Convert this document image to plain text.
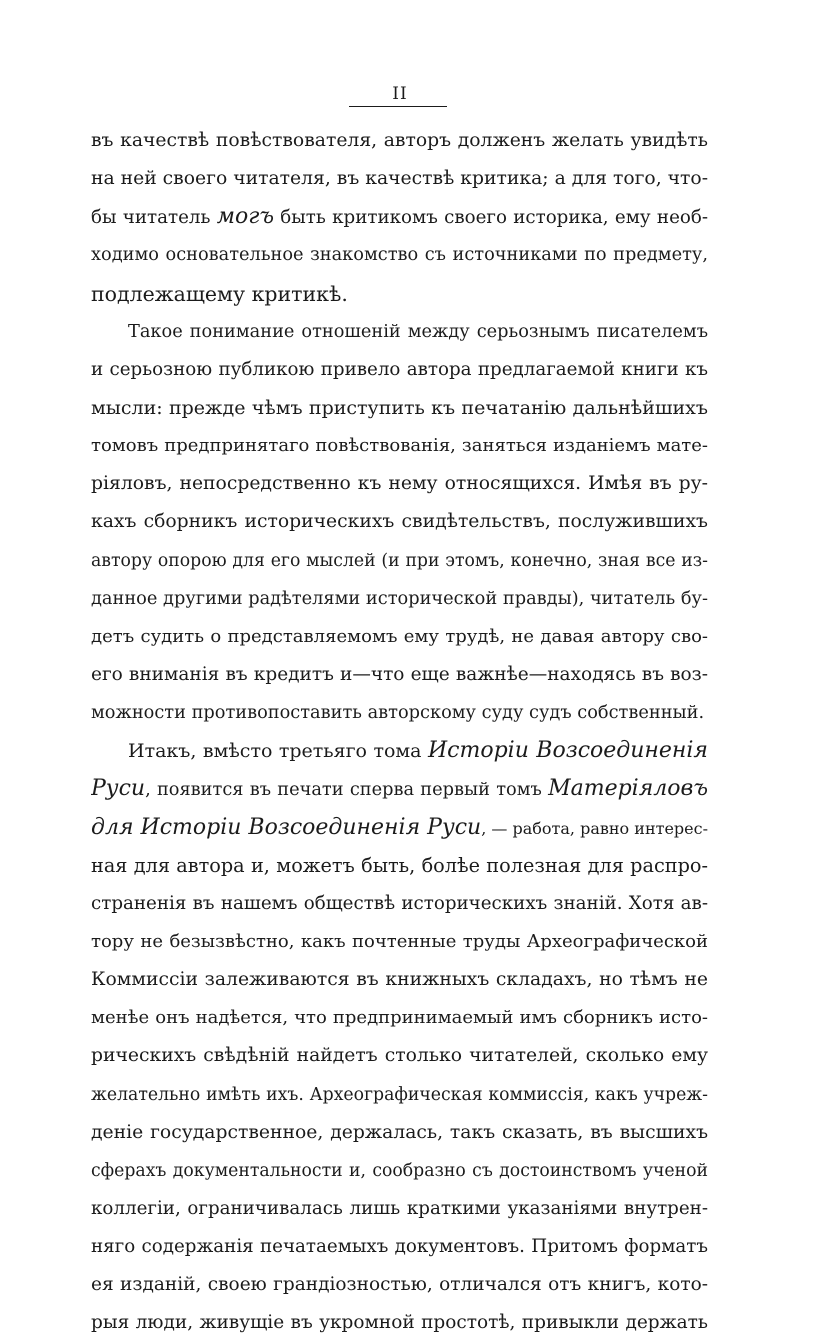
II
въ качествѣ повѣствователя, авторъ долженъ желать увидѣть
на ней своего читателя, въ качествѣ критика; а для того, что-
бы читатель могъ быть критикомъ своего историка, ему необ-
ходимо основательное знакомство съ источниками по предмету,
подлежащему критикѣ.
Такое понимание отношеній между серьознымъ писателемъ
и серьозною публикою привело автора предлагаемой книги къ
мысли: прежде чѣмъ приступить къ печатанію дальнѣйшихъ
томовъ предпринятаго повѣствованія, заняться изданіемъ мате-
ріяловъ, непосредственно къ нему относящихся. Имѣя въ ру-
кахъ сборникъ историческихъ свидѣтельствъ, послужившихъ
автору опорою для его мыслей (и при этомъ, конечно, зная все из-
данное другими радѣтелями исторической правды), читатель бу-
детъ судить о представляемомъ ему трудѣ, не давая автору сво-
его вниманія въ кредитъ и—что еще важнѣе—находясь въ воз-
можности противопоставить авторскому суду судъ собственный.
Итакъ, вмѣсто третьяго тома Исторіи Возсоединенія
Руси, появится въ печати сперва первый томъ Матеріяловъ
для Исторіи Возсоединенія Руси, — работа, равно интерес-
ная для автора и, можетъ быть, болѣе полезная для распро-
страненія въ нашемъ обществѣ историческихъ знаній. Хотя ав-
тору не безызвѣстно, какъ почтенные труды Археографической
Коммиссіи залеживаются въ книжныхъ складахъ, но тѣмъ не
менѣе онъ надѣется, что предпринимаемый имъ сборникъ исто-
рическихъ свѣдѣній найдетъ столько читателей, сколько ему
желательно имѣть ихъ. Археографическая коммиссія, какъ учреж-
деніе государственное, держалась, такъ сказать, въ высшихъ
сферахъ документальности и, сообразно съ достоинствомъ ученой
коллегіи, ограничивалась лишь краткими указаніями внутрен-
няго содержанія печатаемыхъ документовъ. Притомъ форматъ
ея изданій, своею грандіозностью, отличался отъ книгъ, кото-
рыя люди, живущіе въ укромной простотѣ, привыкли держать
